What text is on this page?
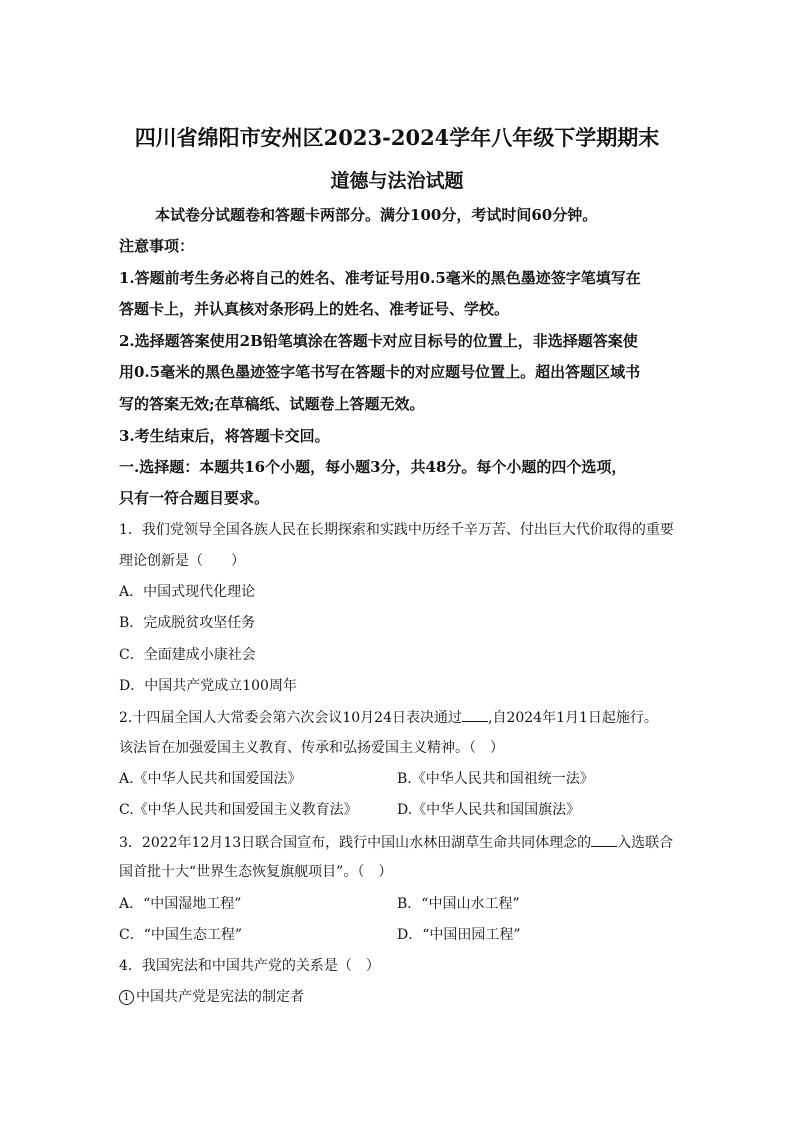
四川省绵阳市安州区2023-2024学年八年级下学期期末
道德与法治试题
本试卷分试题卷和答题卡两部分。满分100分，考试时间60分钟。
注意事项：
1.答题前考生务必将自己的姓名、准考证号用0.5毫米的黑色墨迹签字笔填写在
答题卡上，并认真核对条形码上的姓名、准考证号、学校。
2.选择题答案使用2B铅笔填涂在答题卡对应目标号的位置上，非选择题答案使
用0.5毫米的黑色墨迹签字笔书写在答题卡的对应题号位置上。超出答题区域书
写的答案无效;在草稿纸、试题卷上答题无效。
3.考生结束后，将答题卡交回。
一.选择题：本题共16个小题，每小题3分，共48分。每个小题的四个选项，
只有一符合题目要求。
1．我们党领导全国各族人民在长期探索和实践中历经千辛万苦、付出巨大代价取得的重要
理论创新是（　　）
A．中国式现代化理论
B．完成脱贫攻坚任务
C．全面建成小康社会
D．中国共产党成立100周年
2.十四届全国人大常委会第六次会议10月24日表决通过 ,自2024年1月1日起施行。
该法旨在加强爱国主义教育、传承和弘扬爱国主义精神。（　）
A.《中华人民共和国爱国法》	B.《中华人民共和国祖统一法》
C.《中华人民共和国爱国主义教育法》	D.《中华人民共和国国旗法》
3．2022年12月13日联合国宣布，践行中国山水林田湖草生命共同体理念的 入选联合
国首批十大“世界生态恢复旗舰项目”。（　）
A．“中国湿地工程”	B．“中国山水工程”
C．“中国生态工程”	D．“中国田园工程”
4．我国宪法和中国共产党的关系是（　）
1 中国共产党是宪法的制定者
